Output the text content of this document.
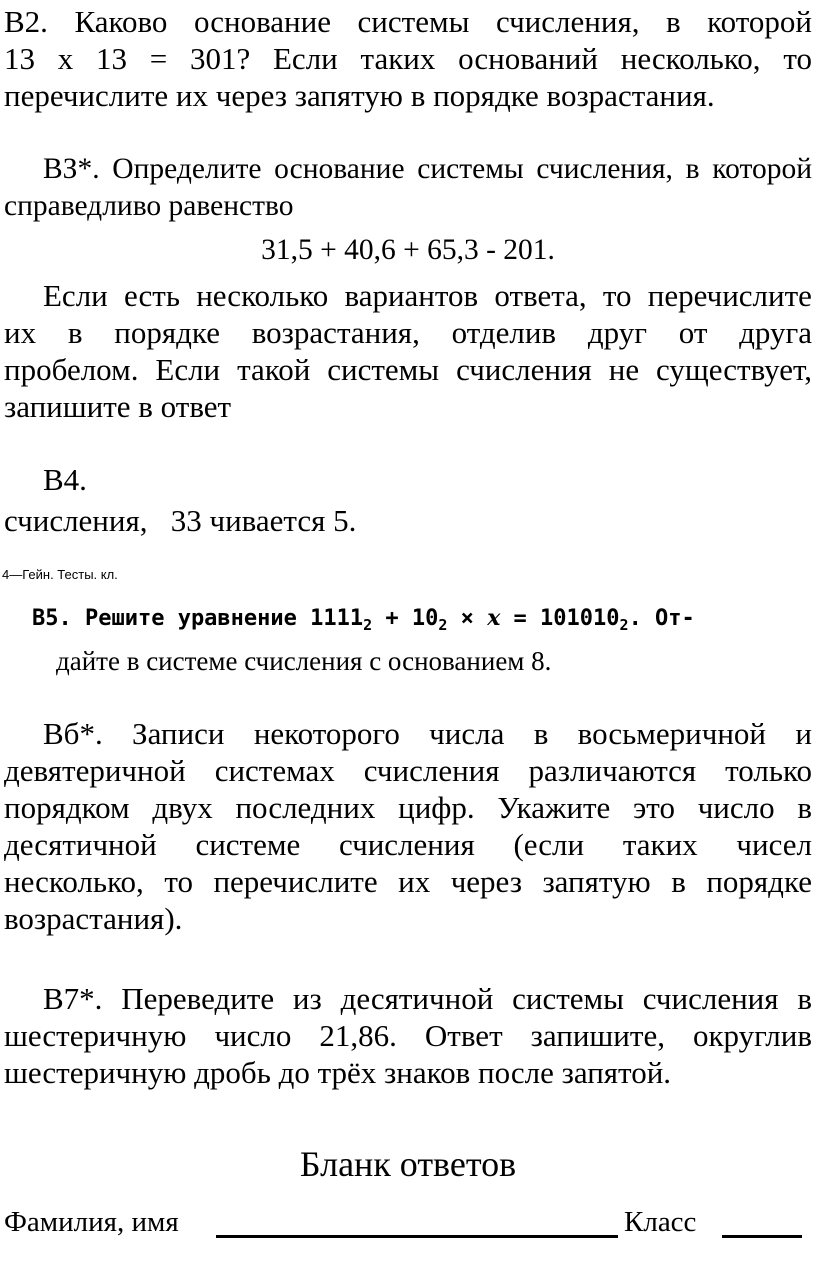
В2. Каково основание системы счисления, в которой
13 х 13 = 301? Если таких оснований несколько, то
перечислите их через запятую в порядке возрастания.
ВЗ*. Определите основание системы счисления, в которой
справедливо равенство
31,5 + 40,6 + 65,3 - 201.
Если есть несколько вариантов ответа, то перечислите
их в порядке возрастания, отделив друг от друга
пробелом. Если такой системы счисления не существует,
запишите в ответ
В4.
счисления,   33 чивается 5.
4—Гейн. Тесты. кл.
В5. Решите уравнение $1111_2 + 10_2 \times x = 101010_2$. От-
дайте в системе счисления с основанием 8.
Вб*. Записи некоторого числа в восьмеричной и
девятеричной системах счисления различаются только
порядком двух последних цифр. Укажите это число в
десятичной системе счисления (если таких чисел
несколько, то перечислите их через запятую в порядке
возрастания).
В7*. Переведите из десятичной системы счисления в
шестеричную число 21,86. Ответ запишите, округлив
шестеричную дробь до трёх знаков после запятой.
Бланк ответов
Фамилия, имя	Класс
